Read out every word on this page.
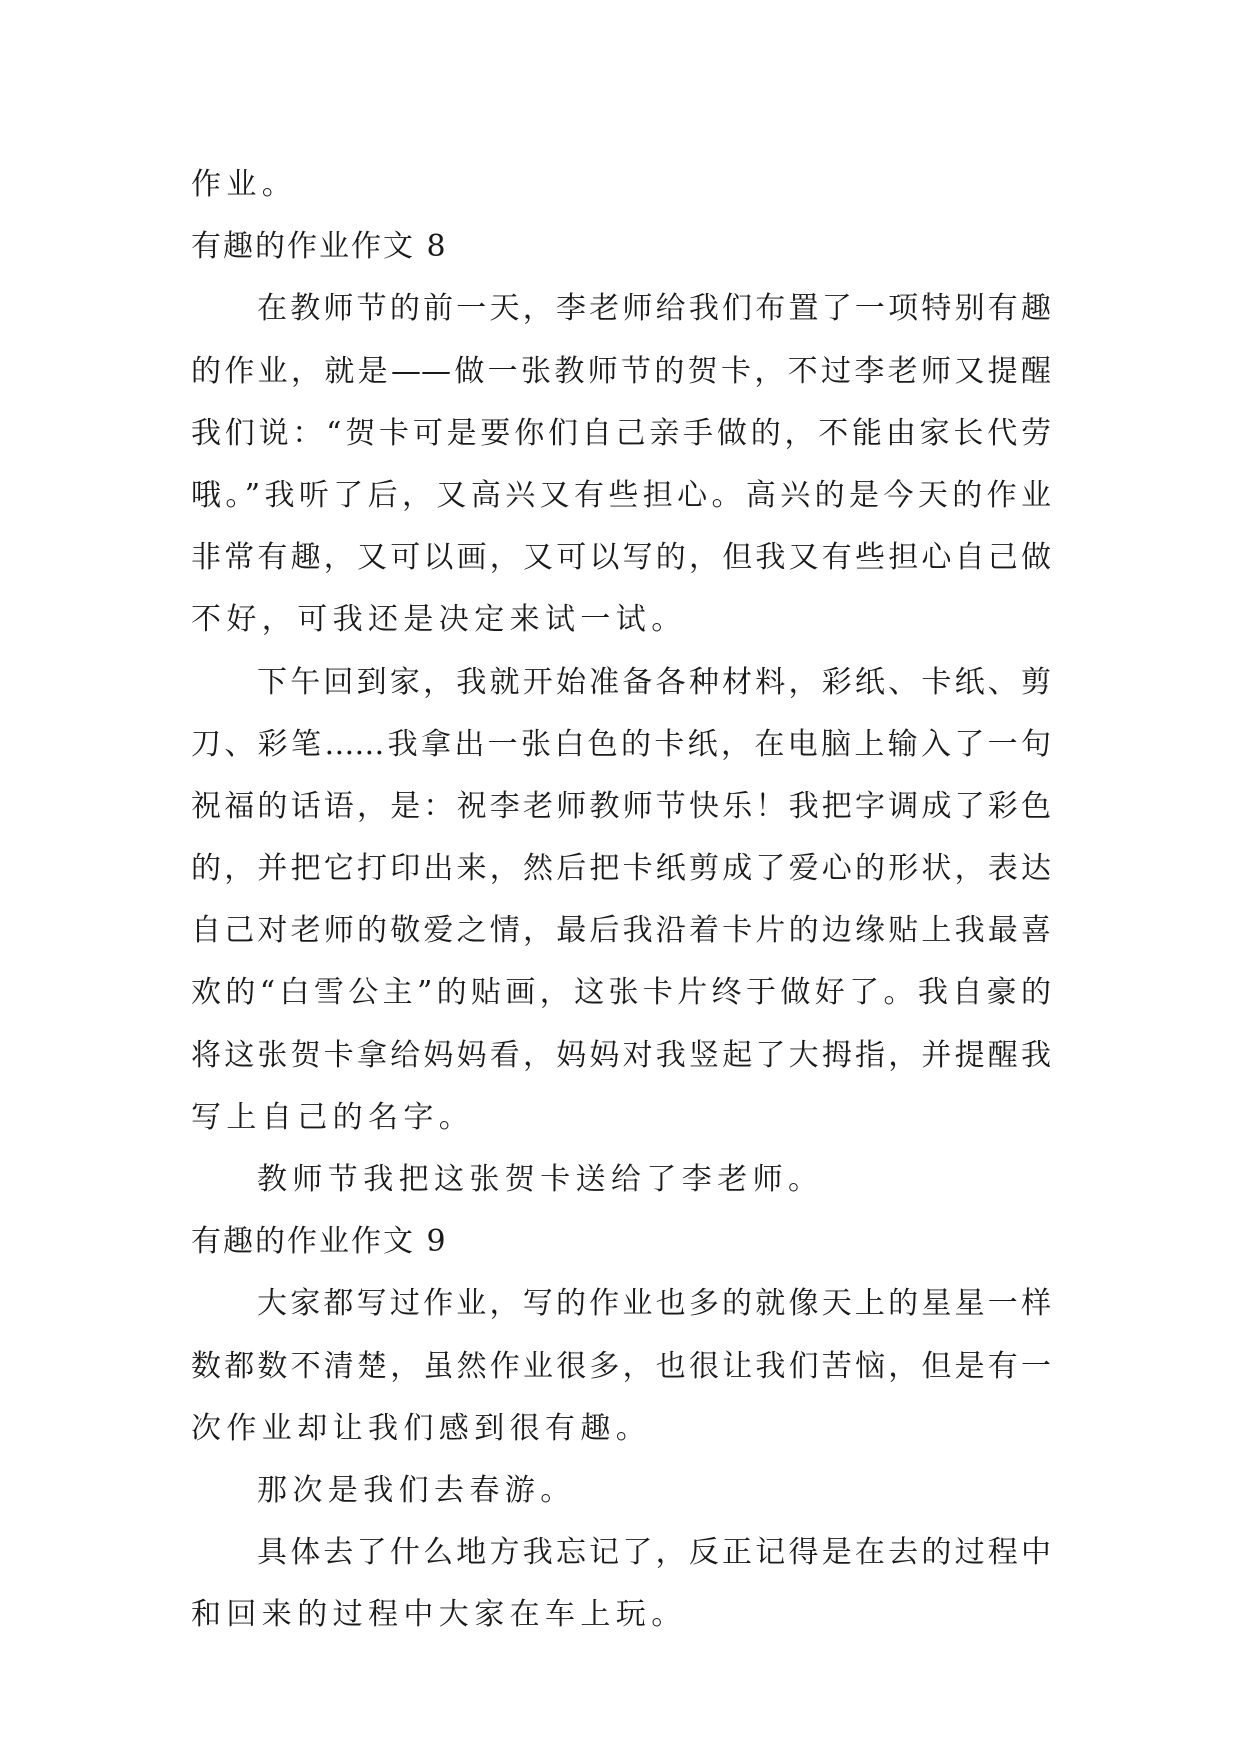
作业。
有趣的作业作文 8
在教师节的前一天，李老师给我们布置了一项特别有趣
的作业，就是——做一张教师节的贺卡，不过李老师又提醒
我们说：“贺卡可是要你们自己亲手做的，不能由家长代劳
哦。”我听了后，又高兴又有些担心。高兴的是今天的作业
非常有趣，又可以画，又可以写的，但我又有些担心自己做
不好，可我还是决定来试一试。
下午回到家，我就开始准备各种材料，彩纸、卡纸、剪
刀、彩笔……我拿出一张白色的卡纸，在电脑上输入了一句
祝福的话语，是：祝李老师教师节快乐！我把字调成了彩色
的，并把它打印出来，然后把卡纸剪成了爱心的形状，表达
自己对老师的敬爱之情，最后我沿着卡片的边缘贴上我最喜
欢的“白雪公主”的贴画，这张卡片终于做好了。我自豪的
将这张贺卡拿给妈妈看，妈妈对我竖起了大拇指，并提醒我
写上自己的名字。
教师节我把这张贺卡送给了李老师。
有趣的作业作文 9
大家都写过作业，写的作业也多的就像天上的星星一样
数都数不清楚，虽然作业很多，也很让我们苦恼，但是有一
次作业却让我们感到很有趣。
那次是我们去春游。
具体去了什么地方我忘记了，反正记得是在去的过程中
和回来的过程中大家在车上玩。
